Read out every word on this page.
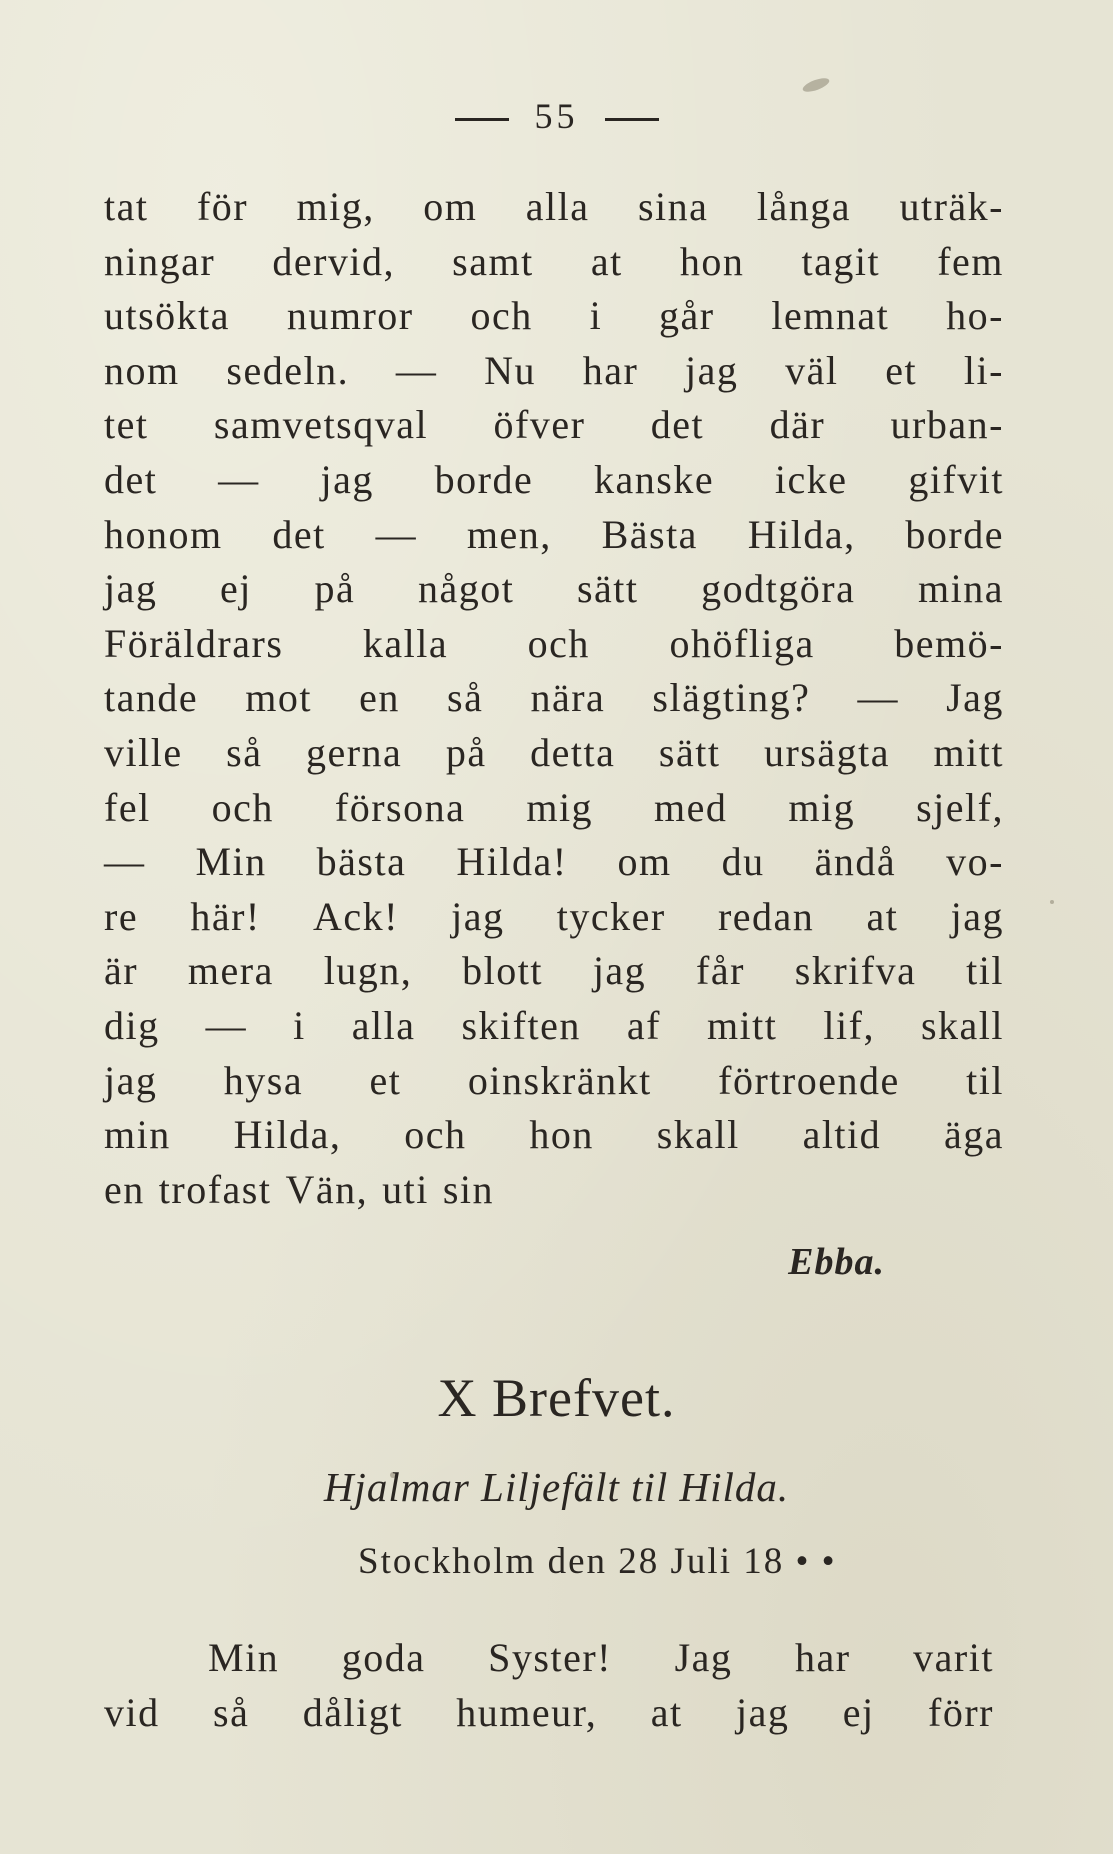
55
tat för mig, om alla sina långa uträk-
ningar dervid, samt at hon tagit fem
utsökta numror och i går lemnat ho-
nom sedeln. — Nu har jag väl et li-
tet samvetsqval öfver det där urban-
det — jag borde kanske icke gifvit
honom det — men, Bästa Hilda, borde
jag ej på något sätt godtgöra mina
Föräldrars kalla och ohöfliga bemö-
tande mot en så nära slägting? — Jag
ville så gerna på detta sätt ursägta mitt
fel och försona mig med mig sjelf,
— Min bästa Hilda! om du ändå vo-
re här! Ack! jag tycker redan at jag
är mera lugn, blott jag får skrifva til
dig — i alla skiften af mitt lif, skall
jag hysa et oinskränkt förtroende til
min Hilda, och hon skall altid äga
en trofast Vän, uti sin
Ebba.
X Brefvet.
Hjalmar Liljefält til Hilda.
Stockholm den 28 Juli 18 • •
Min goda Syster! Jag har varit
vid så dåligt humeur, at jag ej förr
